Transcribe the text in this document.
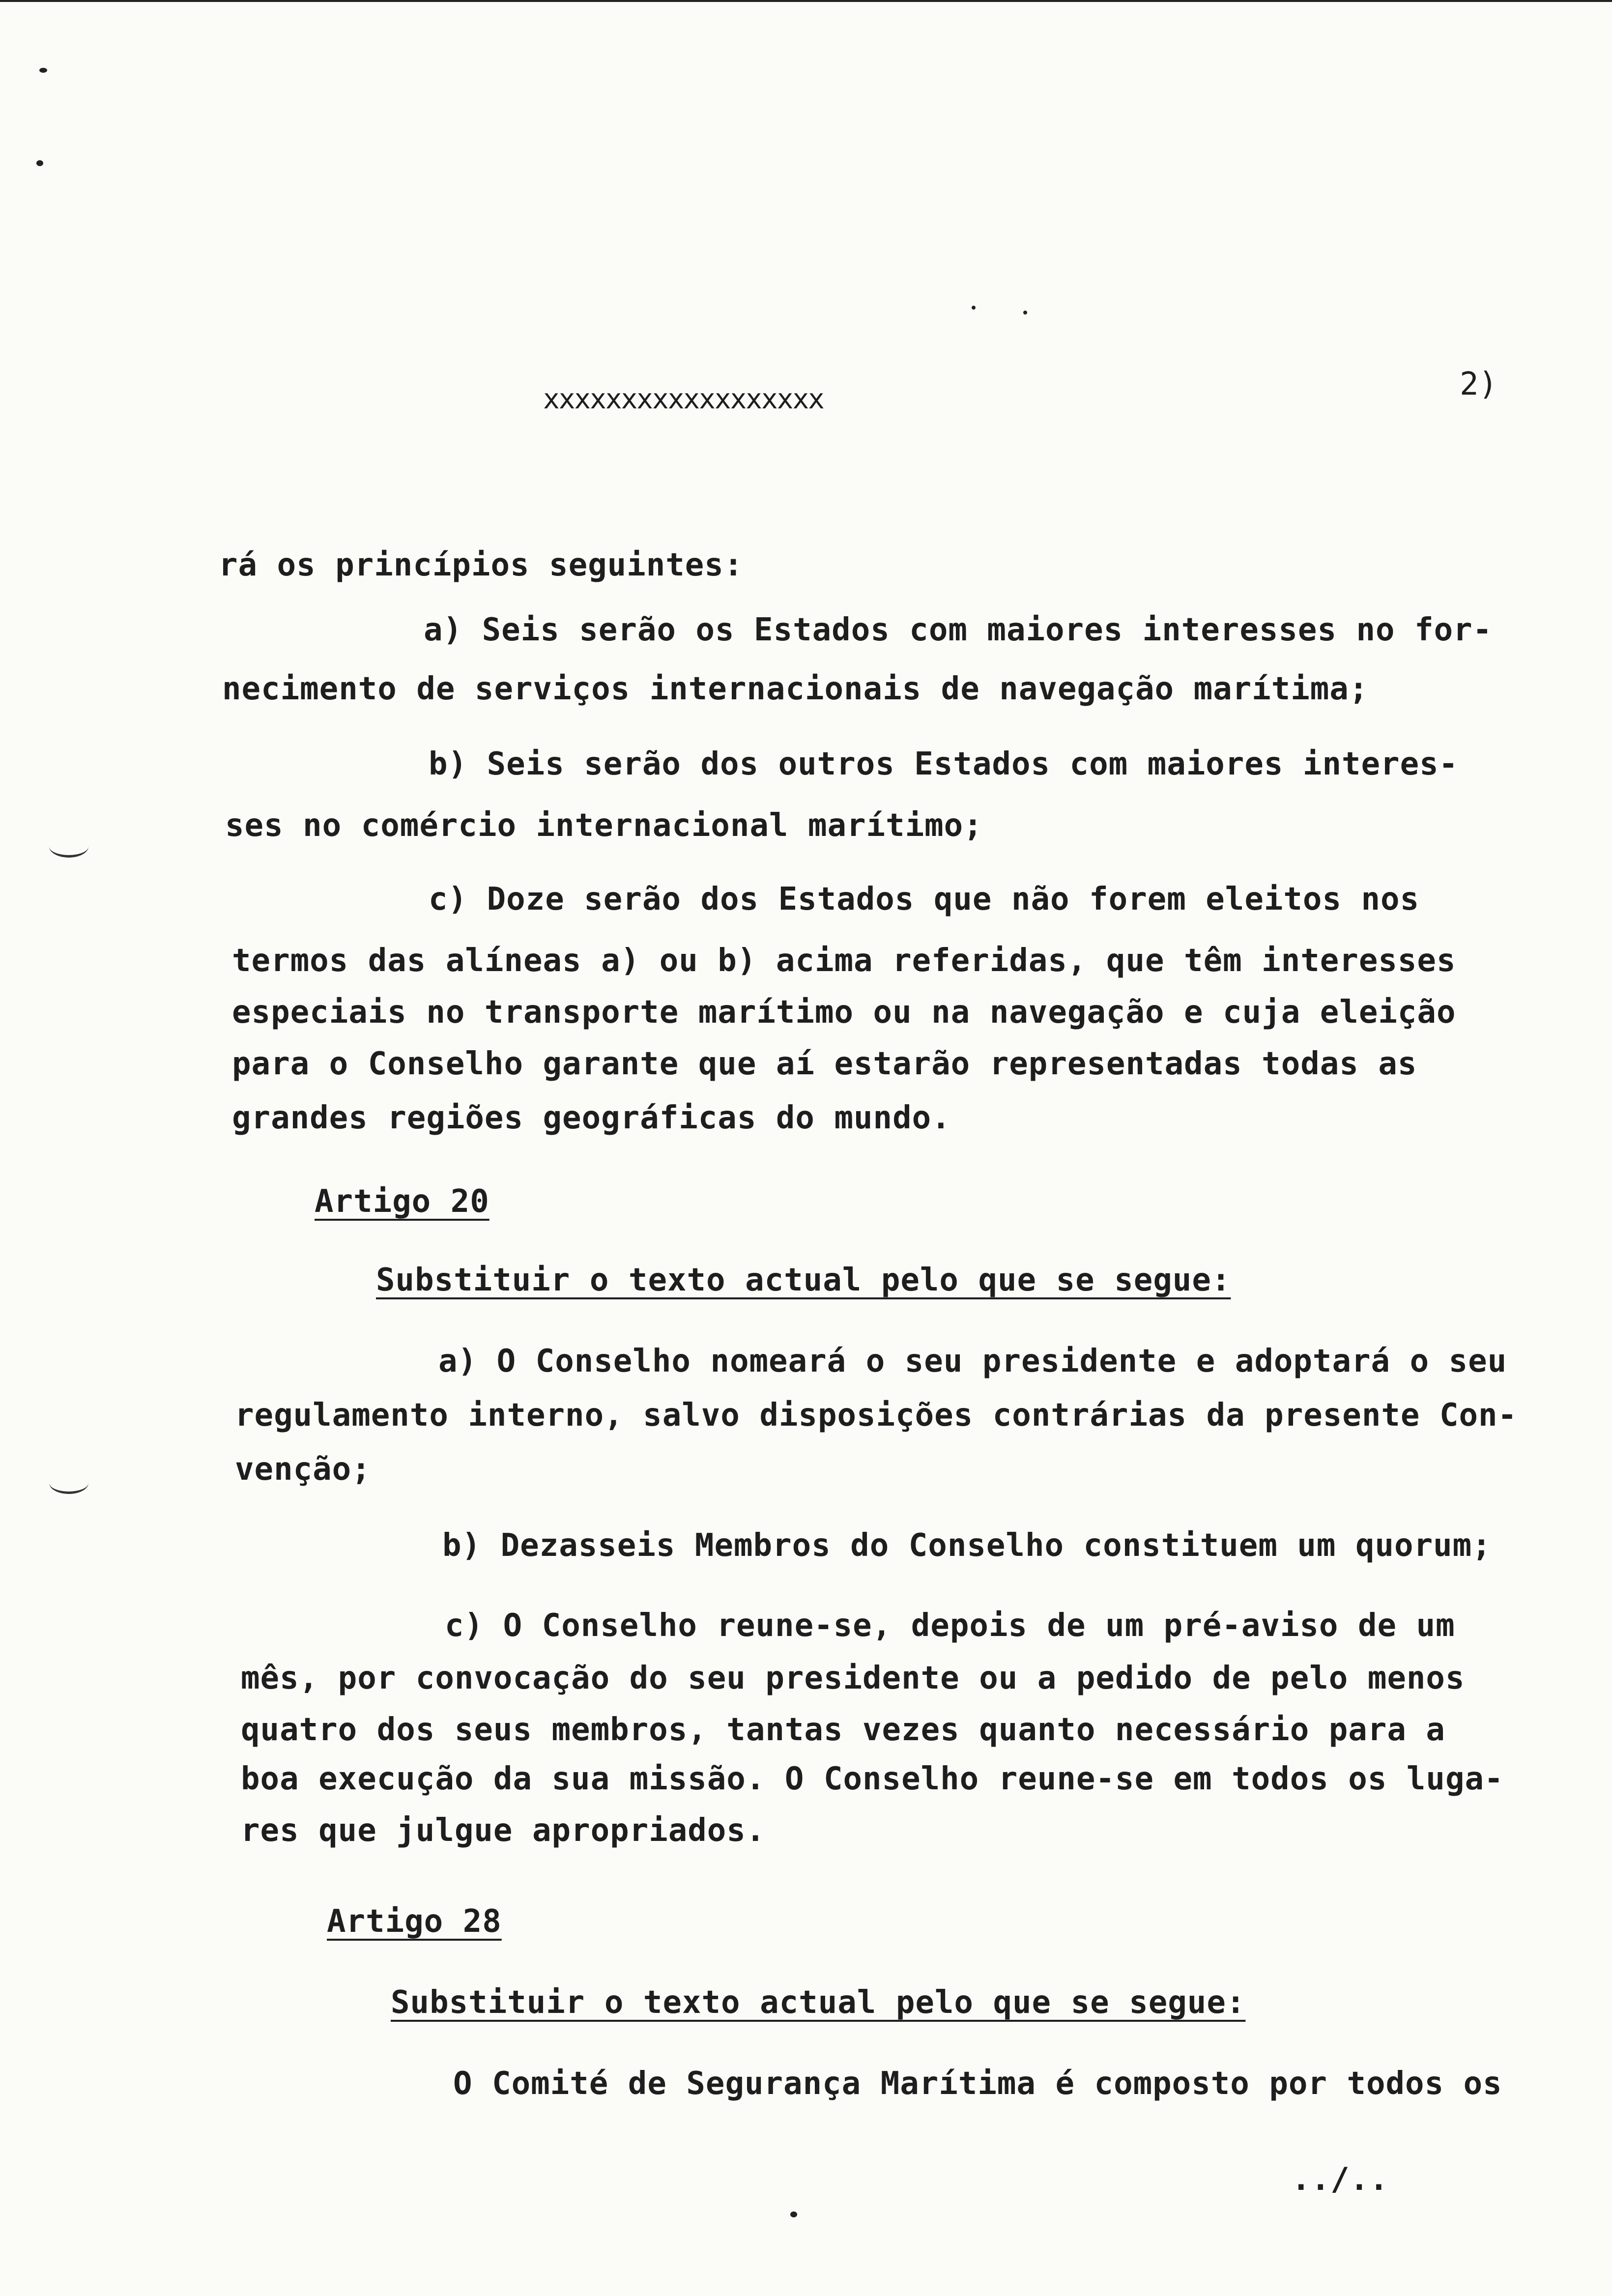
xxxxxxxxxxxxxxxxxx	2)
rá os princípios seguintes:
a) Seis serão os Estados com maiores interesses no for-
necimento de serviços internacionais de navegação marítima;
b) Seis serão dos outros Estados com maiores interes-
ses no comércio internacional marítimo;
c) Doze serão dos Estados que não forem eleitos nos
termos das alíneas a) ou b) acima referidas, que têm interesses
especiais no transporte marítimo ou na navegação e cuja eleição
para o Conselho garante que aí estarão representadas todas as
grandes regiões geográficas do mundo.
Artigo 20
Substituir o texto actual pelo que se segue:
a) O Conselho nomeará o seu presidente e adoptará o seu
regulamento interno, salvo disposições contrárias da presente Con-
venção;
b) Dezasseis Membros do Conselho constituem um quorum;
c) O Conselho reune-se, depois de um pré-aviso de um
mês, por convocação do seu presidente ou a pedido de pelo menos
quatro dos seus membros, tantas vezes quanto necessário para a
boa execução da sua missão. O Conselho reune-se em todos os luga-
res que julgue apropriados.
Artigo 28
Substituir o texto actual pelo que se segue:
O Comité de Segurança Marítima é composto por todos os
../..
